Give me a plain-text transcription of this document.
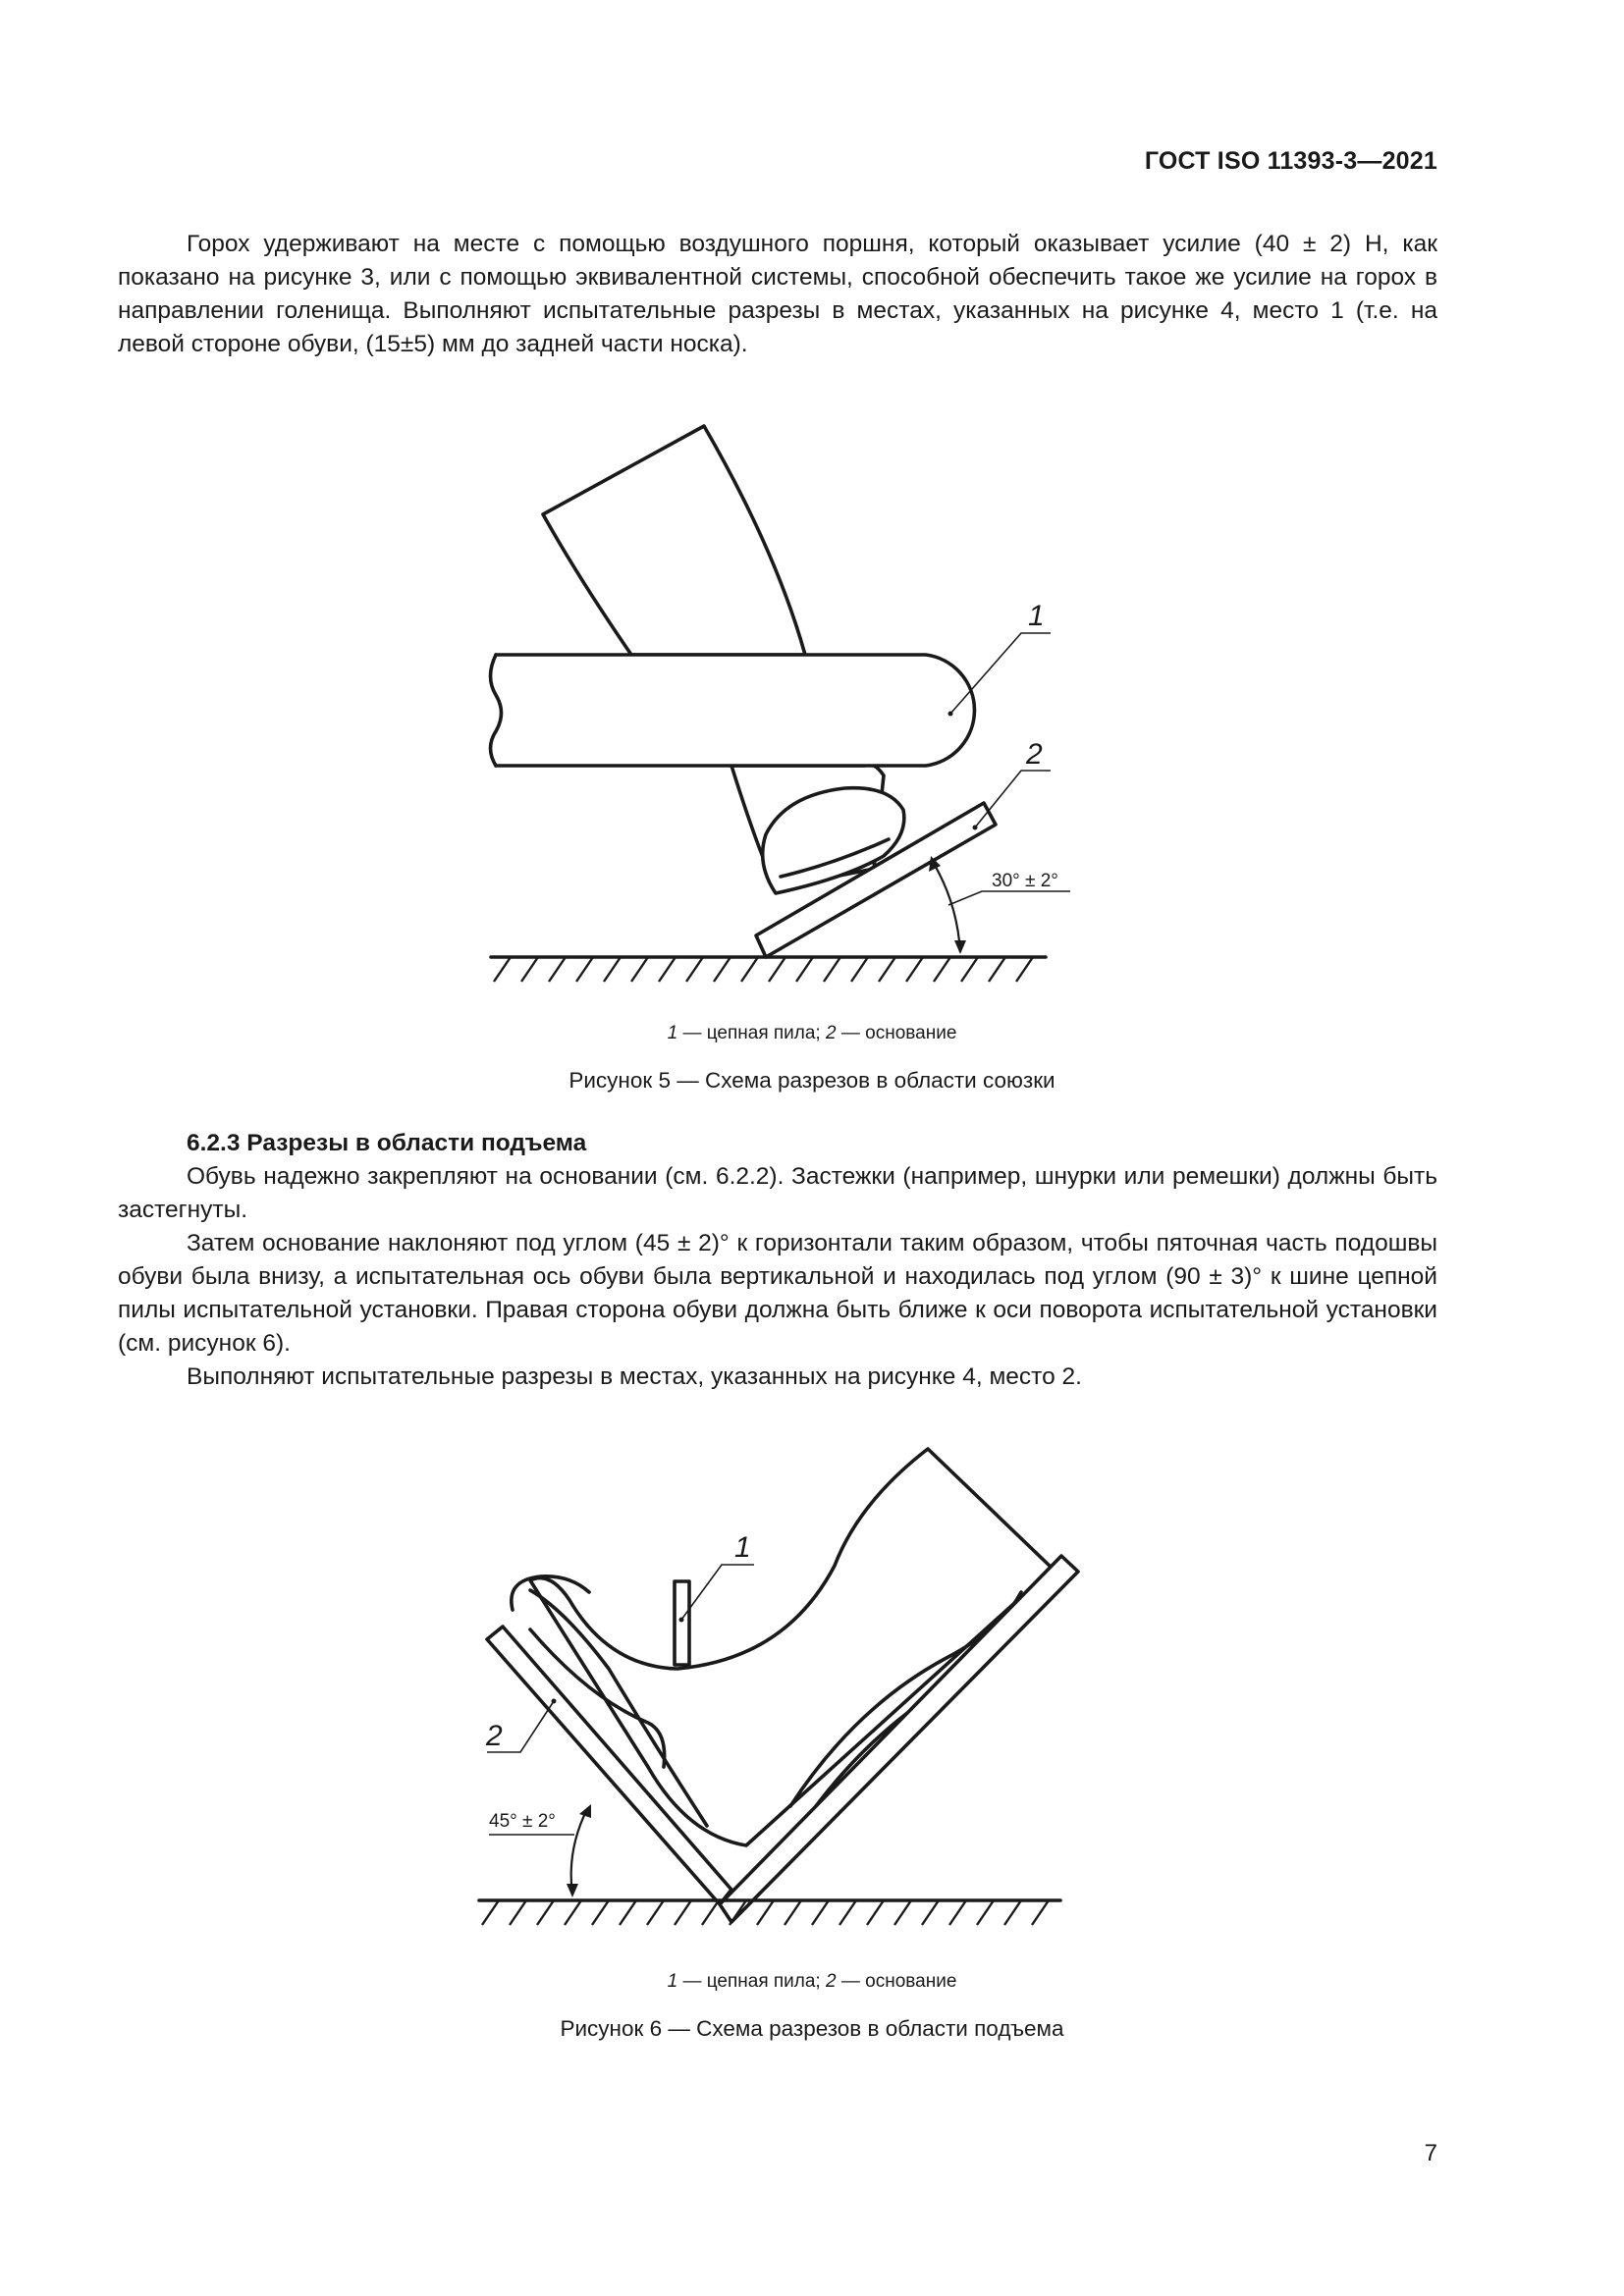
ГОСТ ISO 11393-3—2021

Горох удерживают на месте с помощью воздушного поршня, который оказывает усилие (40 ± 2) Н, как показано на рисунке 3, или с помощью эквивалентной системы, способной обеспечить такое же усилие на горох в направлении голенища. Выполняют испытательные разрезы в местах, указанных на рисунке 4, место 1 (т.е. на левой стороне обуви, (15±5) мм до задней части носка).

30° ± 2°
1
2

1 — цепная пила; 2 — основание

Рисунок 5 — Схема разрезов в области союзки

6.2.3 Разрезы в области подъема

Обувь надежно закрепляют на основании (см. 6.2.2). Застежки (например, шнурки или ремешки) должны быть застегнуты.

Затем основание наклоняют под углом (45 ± 2)° к горизонтали таким образом, чтобы пяточная часть подошвы обуви была внизу, а испытательная ось обуви была вертикальной и находилась под углом (90 ± 3)° к шине цепной пилы испытательной установки. Правая сторона обуви должна быть ближе к оси поворота испытательной установки (см. рисунок 6).

Выполняют испытательные разрезы в местах, указанных на рисунке 4, место 2.

45° ± 2°
1
2

1 — цепная пила; 2 — основание

Рисунок 6 — Схема разрезов в области подъема

7
